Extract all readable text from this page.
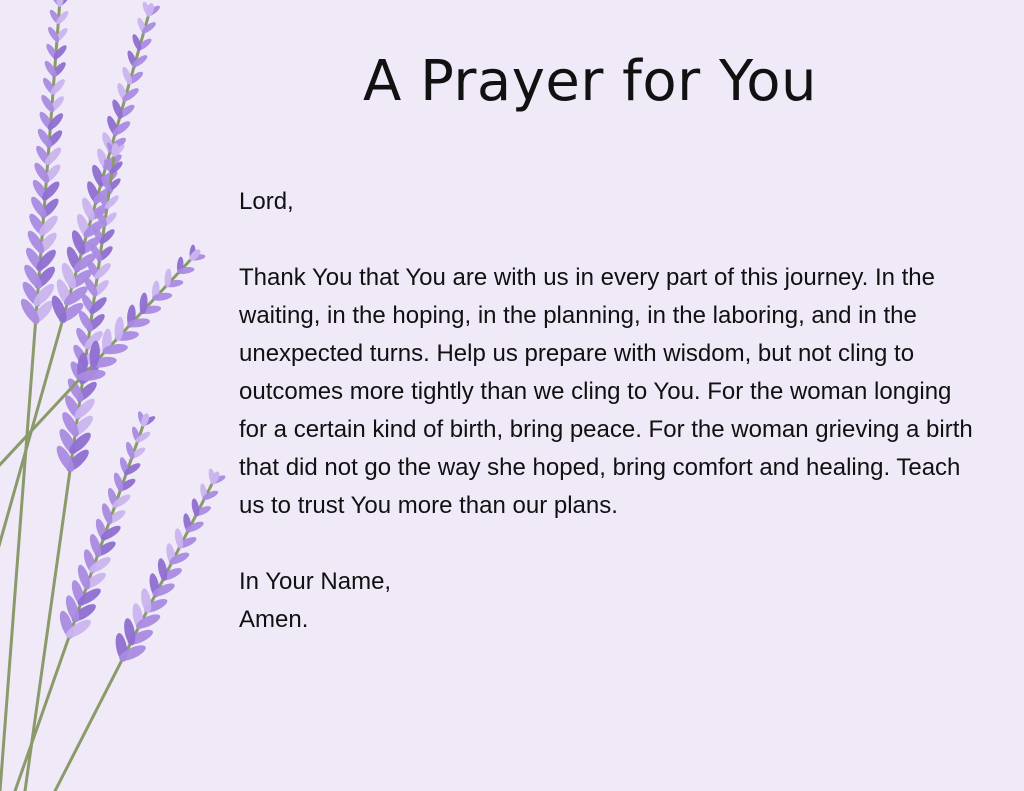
A Prayer for You

Lord,

Thank You that You are with us in every part of this journey. In the waiting, in the hoping, in the planning, in the laboring, and in the unexpected turns. Help us prepare with wisdom, but not cling to outcomes more tightly than we cling to You. For the woman longing for a certain kind of birth, bring peace. For the woman grieving a birth that did not go the way she hoped, bring comfort and healing. Teach us to trust You more than our plans.

In Your Name,

Amen.
